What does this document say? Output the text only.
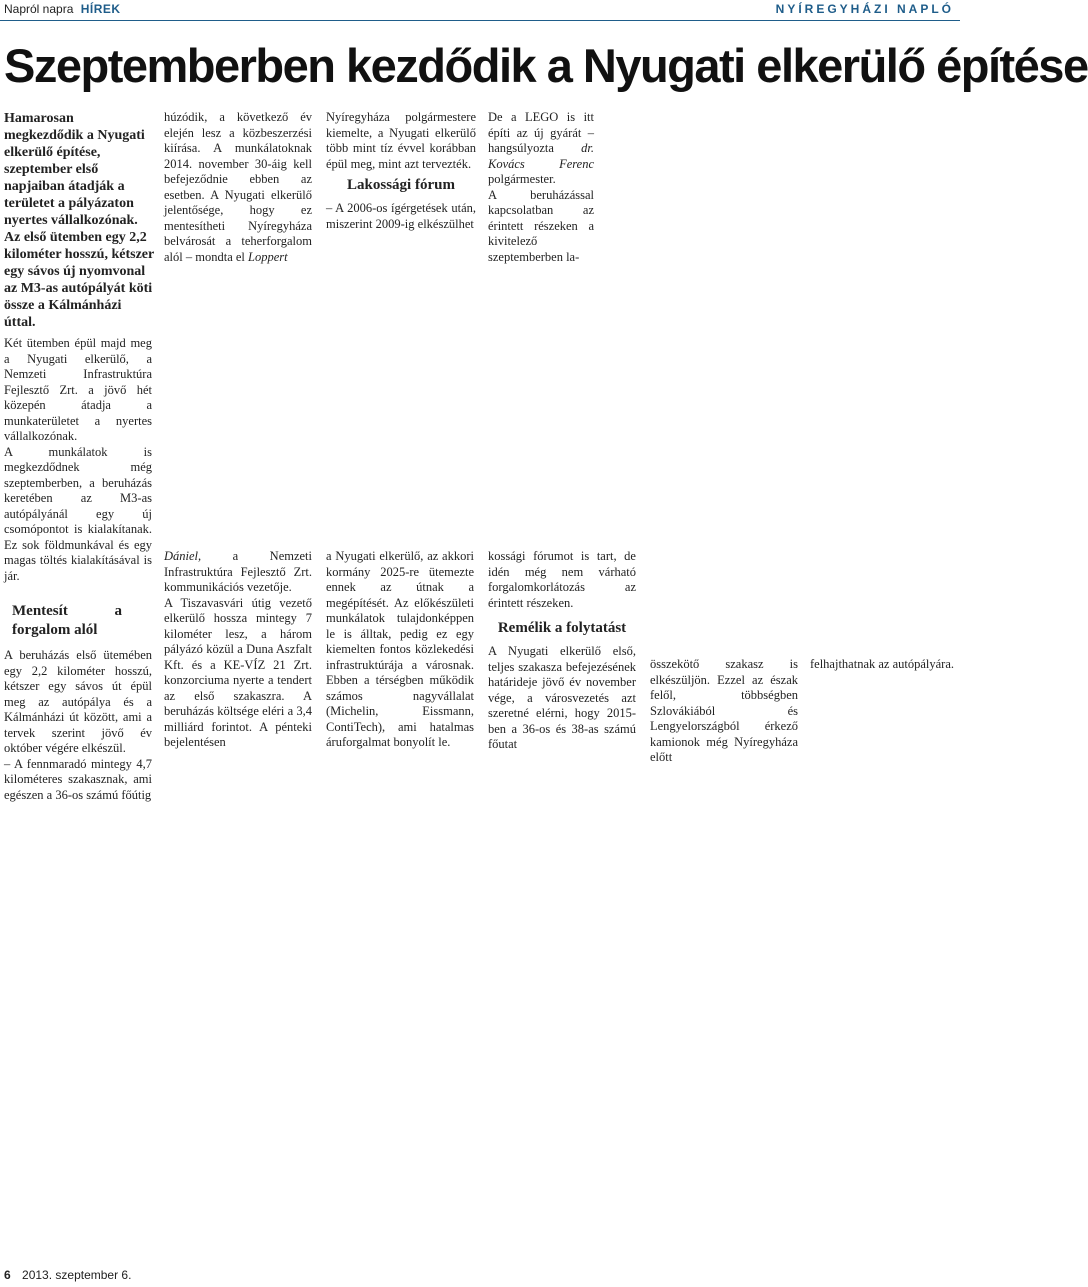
Napról napra HÍREK	NYÍREGYHÁZI NAPLÓ
Szeptemberben kezdődik a Nyugati elkerülő építése

Hamarosan megkezdődik a Nyugati elkerülő építése, szeptember első napjaiban átadják a területet a pályázaton nyertes vállalkozónak. Az első ütemben egy 2,2 kilométer hosszú, kétszer egy sávos új nyomvonal az M3-as autópályát köti össze a Kálmánházi úttal.

húzódik, a következő év elején lesz a közbeszerzési kiírása. A munkálatoknak 2014. november 30-áig kell befejeződnie ebben az esetben. A Nyugati elkerülő jelentősége, hogy ez mentesítheti Nyíregyháza belvárosát a teherforgalom alól – mondta el Loppert

Nyíregyháza polgármestere kiemelte, a Nyugati elkerülő több mint tíz évvel korábban épül meg, mint azt tervezték.

Lakossági fórum

– A 2006-os ígérgetések után, miszerint 2009-ig elkészülhet

De a LEGO is itt építi az új gyárát – hangsúlyozta dr. Kovács Ferenc polgármester.

A beruházással kapcsolatban az érintett részeken a kivitelező szeptemberben la-

Két ütemben épül majd meg a Nyugati elkerülő, a Nemzeti Infrastruktúra Fejlesztő Zrt. a jövő hét közepén átadja a munkaterületet a nyertes vállalkozónak.

A munkálatok is megkezdődnek még szeptemberben, a beruházás keretében az M3-as autópályánál egy új csomópontot is kialakítanak. Ez sok földmunkával és egy magas töltés kialakításával is jár.

Mentesít a forgalom alól

A beruházás első ütemében egy 2,2 kilométer hosszú, kétszer egy sávos út épül meg az autópálya és a Kálmánházi út között, ami a tervek szerint jövő év október végére elkészül.

– A fennmaradó mintegy 4,7 kilométeres szakasznak, ami egészen a 36-os számú főútig

Dániel,	a Nemzeti Infrastruktúra Fejlesztő Zrt. kommunikációs vezetője.

A Tiszavasvári útig vezető elkerülő hossza mintegy 7 kilométer lesz, a három pályázó közül a Duna Aszfalt Kft. és a KE-VÍZ 21 Zrt. konzorciuma nyerte a tendert az első szakaszra. A beruházás költsége eléri a 3,4 milliárd forintot. A pénteki bejelentésen

a Nyugati elkerülő, az akkori kormány 2025-re ütemezte ennek az útnak a megépítését. Az előkészületi munkálatok tulajdonképpen le is álltak, pedig ez egy kiemelten fontos közlekedési infrastruktúrája a városnak. Ebben a térségben működik számos nagyvállalat (Michelin, Eissmann, ContiTech), ami hatalmas áruforgalmat bonyolít le.

kossági fórumot is tart, de idén még nem várható forgalomkorlátozás az érintett részeken.

Remélik a folytatást

A Nyugati elkerülő első, teljes szakasza befejezésének határideje jövő év november vége, a városvezetés azt szeretné elérni, hogy 2015-ben a 36-os és 38-as számú főutat

összekötő szakasz is elkészüljön. Ezzel az észak felől, többségben Szlovákiából és Lengyelországból érkező kamionok még Nyíregyháza előtt

felhajthatnak az autópályára.

6 2013. szeptember 6.
